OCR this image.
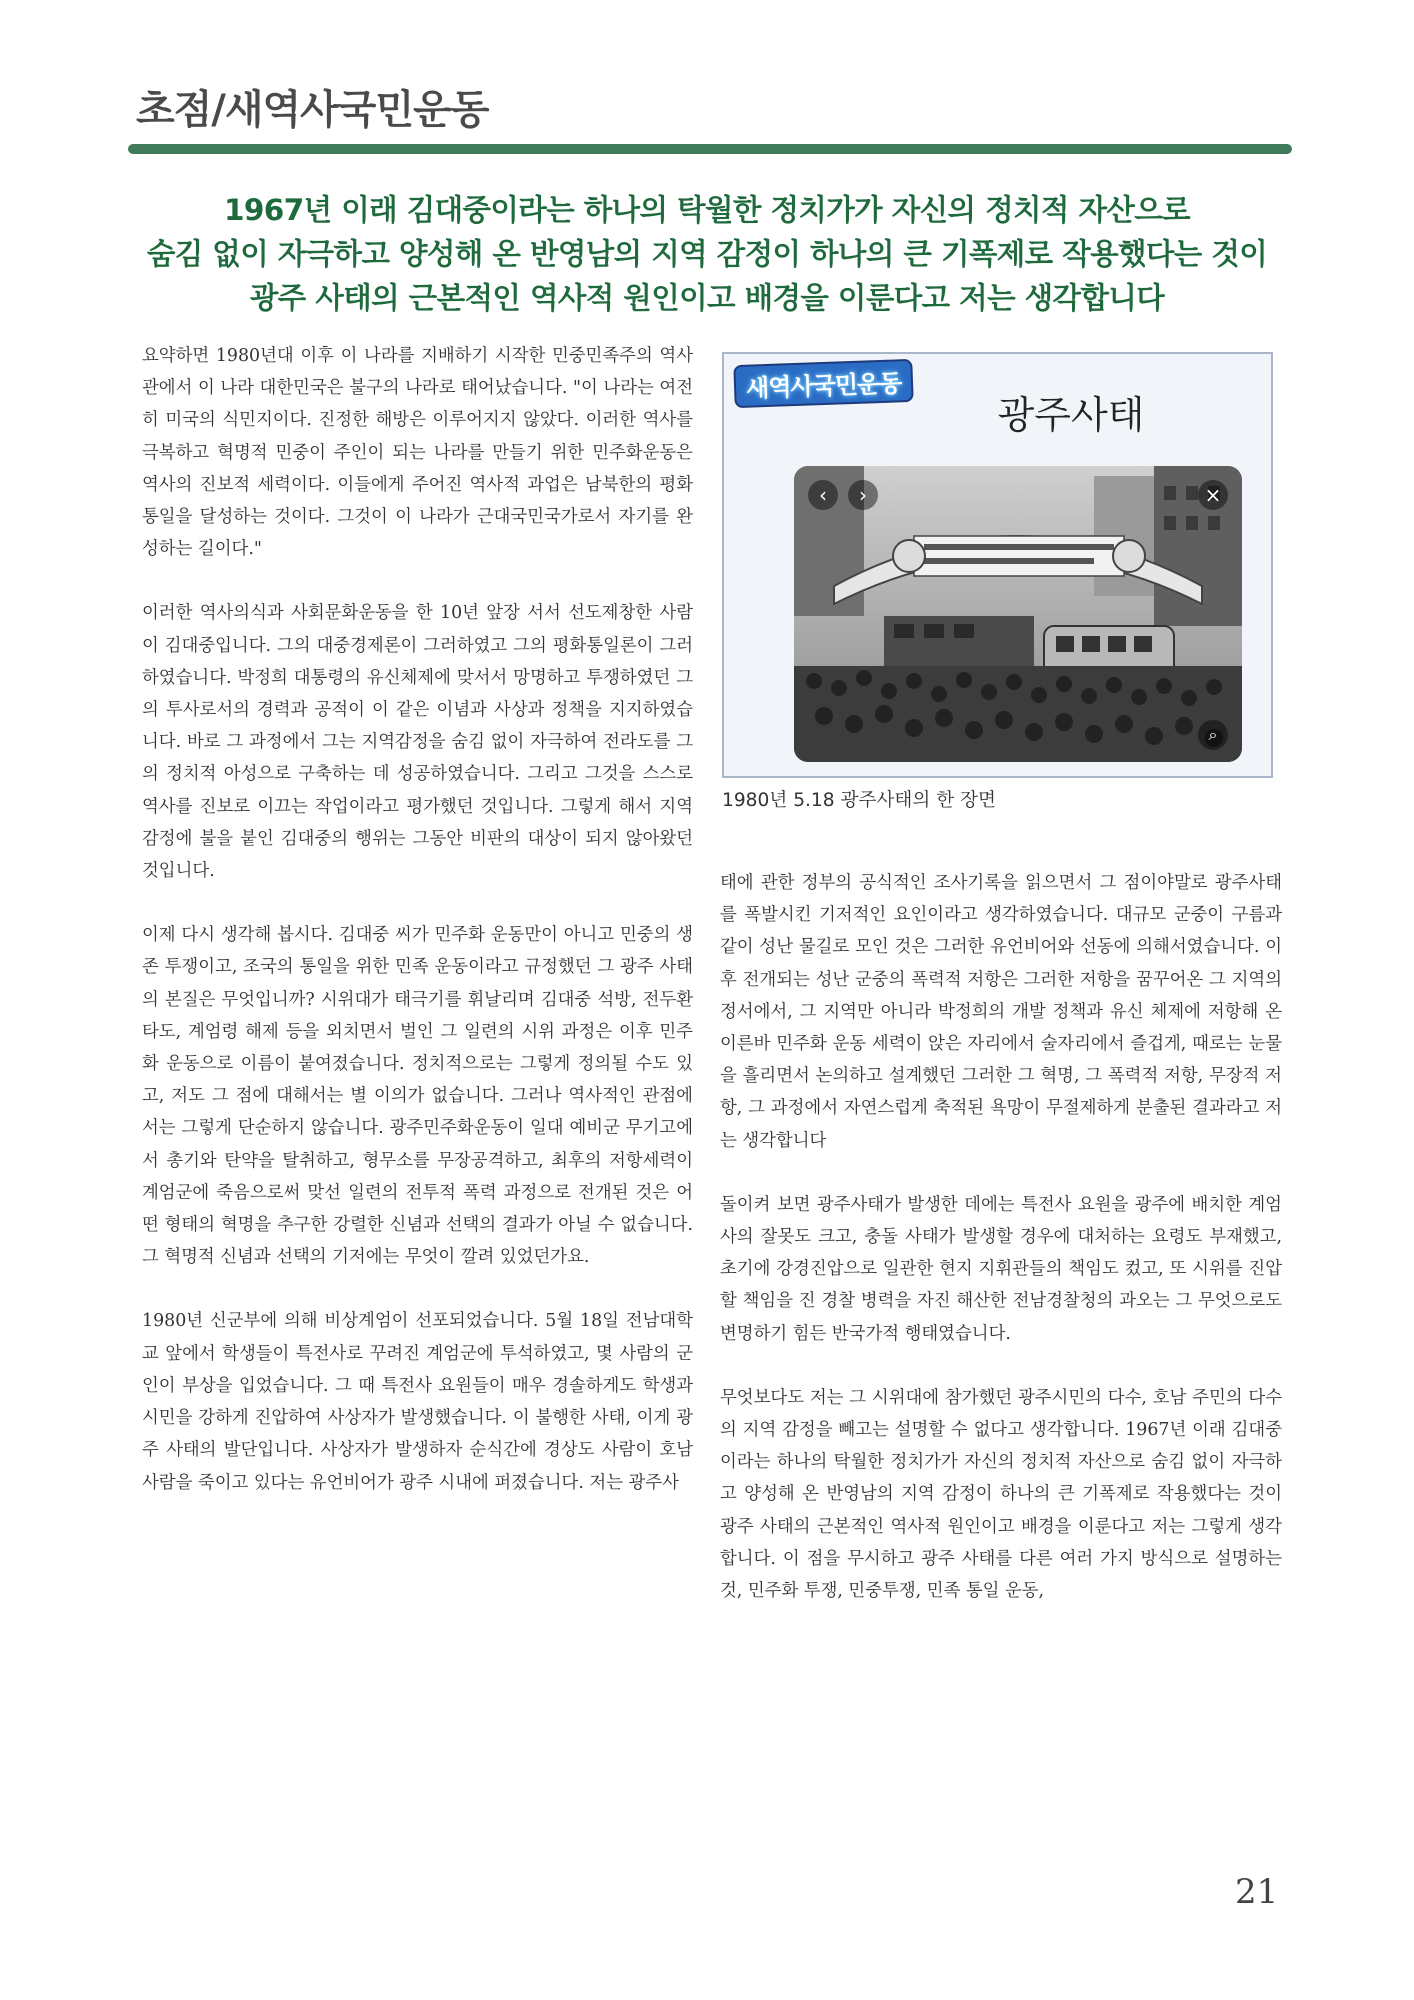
초점/새역사국민운동
1967년 이래 김대중이라는 하나의 탁월한 정치가가 자신의 정치적 자산으로
숨김 없이 자극하고 양성해 온 반영남의 지역 감정이 하나의 큰 기폭제로 작용했다는 것이
광주 사태의 근본적인 역사적 원인이고 배경을 이룬다고 저는 생각합니다

요약하면 1980년대 이후 이 나라를 지배하기 시작한 민중민족주의 역사관에서 이 나라 대한민국은 불구의 나라로 태어났습니다. "이 나라는 여전히 미국의 식민지이다. 진정한 해방은 이루어지지 않았다. 이러한 역사를 극복하고 혁명적 민중이 주인이 되는 나라를 만들기 위한 민주화운동은 역사의 진보적 세력이다. 이들에게 주어진 역사적 과업은 남북한의 평화통일을 달성하는 것이다. 그것이 이 나라가 근대국민국가로서 자기를 완성하는 길이다."

이러한 역사의식과 사회문화운동을 한 10년 앞장 서서 선도제창한 사람이 김대중입니다. 그의 대중경제론이 그러하였고 그의 평화통일론이 그러하였습니다. 박정희 대통령의 유신체제에 맞서서 망명하고 투쟁하였던 그의 투사로서의 경력과 공적이 이 같은 이념과 사상과 정책을 지지하였습니다. 바로 그 과정에서 그는 지역감정을 숨김 없이 자극하여 전라도를 그의 정치적 아성으로 구축하는 데 성공하였습니다. 그리고 그것을 스스로 역사를 진보로 이끄는 작업이라고 평가했던 것입니다. 그렇게 해서 지역 감정에 불을 붙인 김대중의 행위는 그동안 비판의 대상이 되지 않아왔던 것입니다.

이제 다시 생각해 봅시다. 김대중 씨가 민주화 운동만이 아니고 민중의 생존 투쟁이고, 조국의 통일을 위한 민족 운동이라고 규정했던 그 광주 사태의 본질은 무엇입니까? 시위대가 태극기를 휘날리며 김대중 석방, 전두환 타도, 계엄령 해제 등을 외치면서 벌인 그 일련의 시위 과정은 이후 민주화 운동으로 이름이 붙여졌습니다. 정치적으로는 그렇게 정의될 수도 있고, 저도 그 점에 대해서는 별 이의가 없습니다. 그러나 역사적인 관점에서는 그렇게 단순하지 않습니다. 광주민주화운동이 일대 예비군 무기고에서 총기와 탄약을 탈취하고, 형무소를 무장공격하고, 최후의 저항세력이 계엄군에 죽음으로써 맞선 일련의 전투적 폭력 과정으로 전개된 것은 어떤 형태의 혁명을 추구한 강렬한 신념과 선택의 결과가 아닐 수 없습니다. 그 혁명적 신념과 선택의 기저에는 무엇이 깔려 있었던가요.

1980년 신군부에 의해 비상계엄이 선포되었습니다. 5월 18일 전남대학교 앞에서 학생들이 특전사로 꾸려진 계엄군에 투석하였고, 몇 사람의 군인이 부상을 입었습니다. 그 때 특전사 요원들이 매우 경솔하게도 학생과 시민을 강하게 진압하여 사상자가 발생했습니다. 이 불행한 사태, 이게 광주 사태의 발단입니다. 사상자가 발생하자 순식간에 경상도 사람이 호남 사람을 죽이고 있다는 유언비어가 광주 시내에 퍼졌습니다. 저는 광주사

새역사국민운동
광주사태
‹	›	×
⌕
1980년 5.18 광주사태의 한 장면

태에 관한 정부의 공식적인 조사기록을 읽으면서 그 점이야말로 광주사태를 폭발시킨 기저적인 요인이라고 생각하였습니다. 대규모 군중이 구름과 같이 성난 물길로 모인 것은 그러한 유언비어와 선동에 의해서였습니다. 이후 전개되는 성난 군중의 폭력적 저항은 그러한 저항을 꿈꾸어온 그 지역의 정서에서, 그 지역만 아니라 박정희의 개발 정책과 유신 체제에 저항해 온 이른바 민주화 운동 세력이 앉은 자리에서 술자리에서 즐겁게, 때로는 눈물을 흘리면서 논의하고 설계했던 그러한 그 혁명, 그 폭력적 저항, 무장적 저항, 그 과정에서 자연스럽게 축적된 욕망이 무절제하게 분출된 결과라고 저는 생각합니다

돌이켜 보면 광주사태가 발생한 데에는 특전사 요원을 광주에 배치한 계엄사의 잘못도 크고, 충돌 사태가 발생할 경우에 대처하는 요령도 부재했고, 초기에 강경진압으로 일관한 현지 지휘관들의 책임도 컸고, 또 시위를 진압할 책임을 진 경찰 병력을 자진 해산한 전남경찰청의 과오는 그 무엇으로도 변명하기 힘든 반국가적 행태였습니다.

무엇보다도 저는 그 시위대에 참가했던 광주시민의 다수, 호남 주민의 다수의 지역 감정을 빼고는 설명할 수 없다고 생각합니다. 1967년 이래 김대중이라는 하나의 탁월한 정치가가 자신의 정치적 자산으로 숨김 없이 자극하고 양성해 온 반영남의 지역 감정이 하나의 큰 기폭제로 작용했다는 것이 광주 사태의 근본적인 역사적 원인이고 배경을 이룬다고 저는 그렇게 생각합니다. 이 점을 무시하고 광주 사태를 다른 여러 가지 방식으로 설명하는 것, 민주화 투쟁, 민중투쟁, 민족 통일 운동,

21
